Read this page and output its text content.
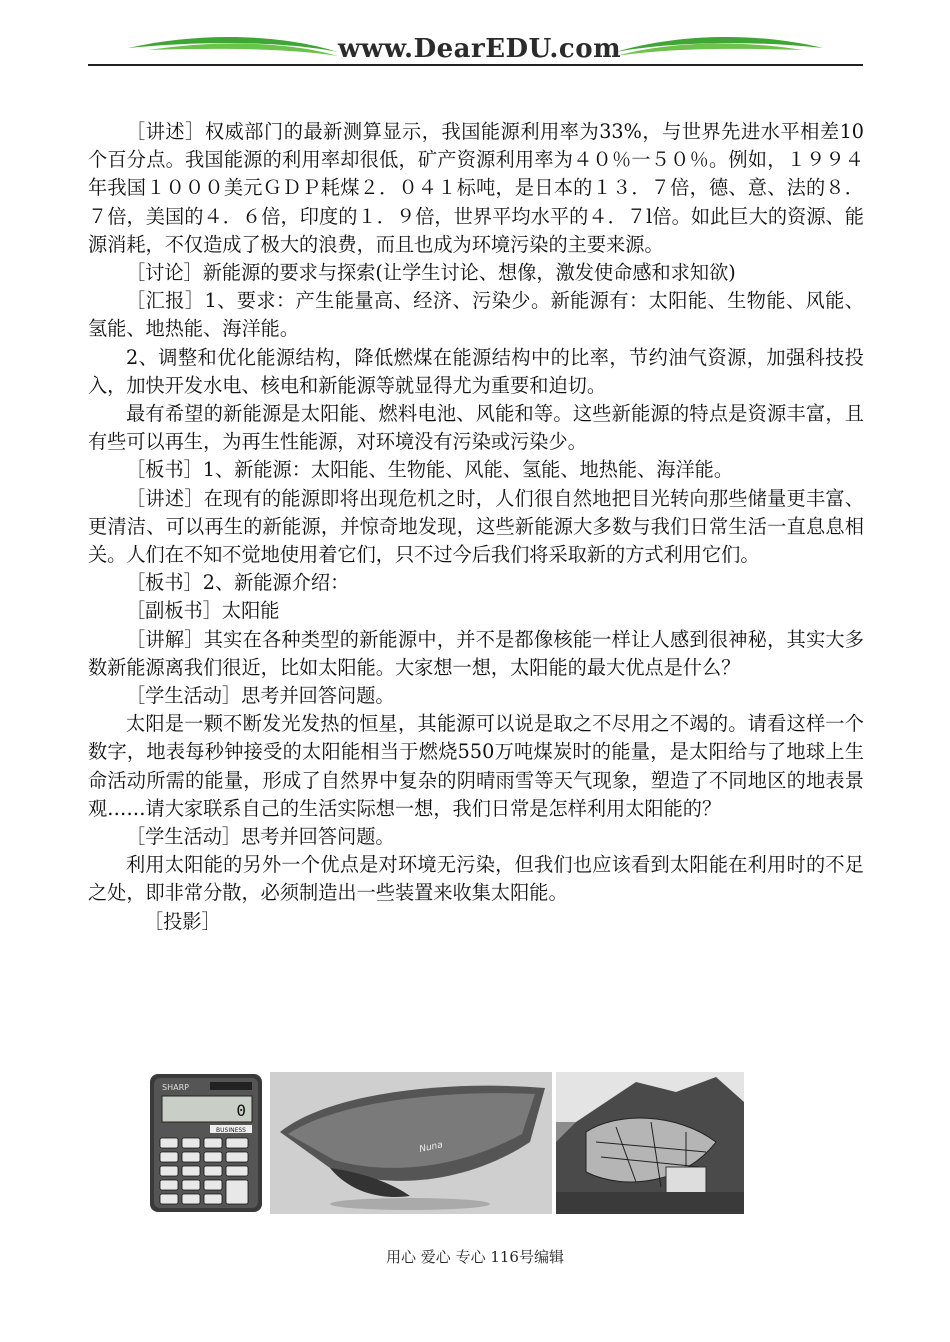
www.DearEDU.com

［讲述］权威部门的最新测算显示，我国能源利用率为33%，与世界先进水平相差10个百分点。我国能源的利用率却很低，矿产资源利用率为４０％一５０％。例如，１９９４年我国１０００美元ＧＤＰ耗煤２．０４１标吨，是日本的１３．７倍，德、意、法的８．７倍，美国的４．６倍，印度的１．９倍，世界平均水平的４．７l倍。如此巨大的资源、能源消耗，不仅造成了极大的浪费，而且也成为环境污染的主要来源。

［讨论］新能源的要求与探索(让学生讨论、想像，激发使命感和求知欲)

［汇报］1、要求：产生能量高、经济、污染少。新能源有：太阳能、生物能、风能、氢能、地热能、海洋能。

2、调整和优化能源结构，降低燃煤在能源结构中的比率，节约油气资源，加强科技投入，加快开发水电、核电和新能源等就显得尤为重要和迫切。

最有希望的新能源是太阳能、燃料电池、风能和等。这些新能源的特点是资源丰富，且有些可以再生，为再生性能源，对环境没有污染或污染少。

［板书］1、新能源：太阳能、生物能、风能、氢能、地热能、海洋能。

［讲述］在现有的能源即将出现危机之时，人们很自然地把目光转向那些储量更丰富、更清洁、可以再生的新能源，并惊奇地发现，这些新能源大多数与我们日常生活一直息息相关。人们在不知不觉地使用着它们，只不过今后我们将采取新的方式利用它们。

［板书］2、新能源介绍：

［副板书］太阳能

［讲解］其实在各种类型的新能源中，并不是都像核能一样让人感到很神秘，其实大多数新能源离我们很近，比如太阳能。大家想一想，太阳能的最大优点是什么？

［学生活动］思考并回答问题。

太阳是一颗不断发光发热的恒星，其能源可以说是取之不尽用之不竭的。请看这样一个数字，地表每秒钟接受的太阳能相当于燃烧550万吨煤炭时的能量，是太阳给与了地球上生命活动所需的能量，形成了自然界中复杂的阴晴雨雪等天气现象，塑造了不同地区的地表景观……请大家联系自己的生活实际想一想，我们日常是怎样利用太阳能的？

［学生活动］思考并回答问题。

利用太阳能的另外一个优点是对环境无污染，但我们也应该看到太阳能在利用时的不足之处，即非常分散，必须制造出一些装置来收集太阳能。

［投影］

SHARP
0
BUSINESS
Nuna
用心 爱心 专心 116号编辑
